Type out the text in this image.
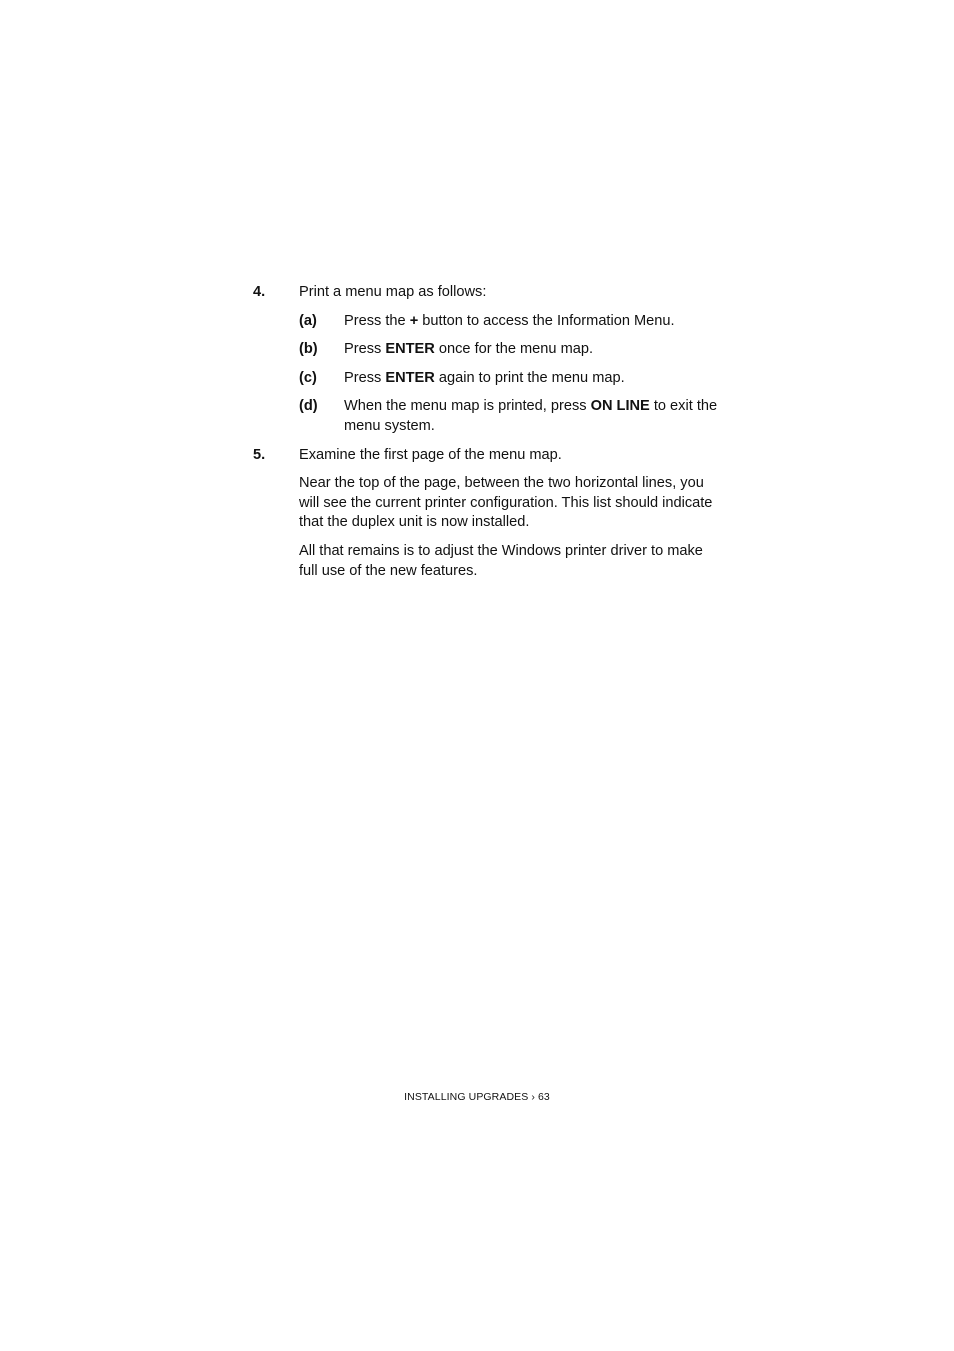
4. Print a menu map as follows:
(a) Press the + button to access the Information Menu.
(b) Press ENTER once for the menu map.
(c) Press ENTER again to print the menu map.
(d) When the menu map is printed, press ON LINE to exit the menu system.
5. Examine the first page of the menu map.
Near the top of the page, between the two horizontal lines, you will see the current printer configuration. This list should indicate that the duplex unit is now installed.
All that remains is to adjust the Windows printer driver to make full use of the new features.
INSTALLING UPGRADES › 63
